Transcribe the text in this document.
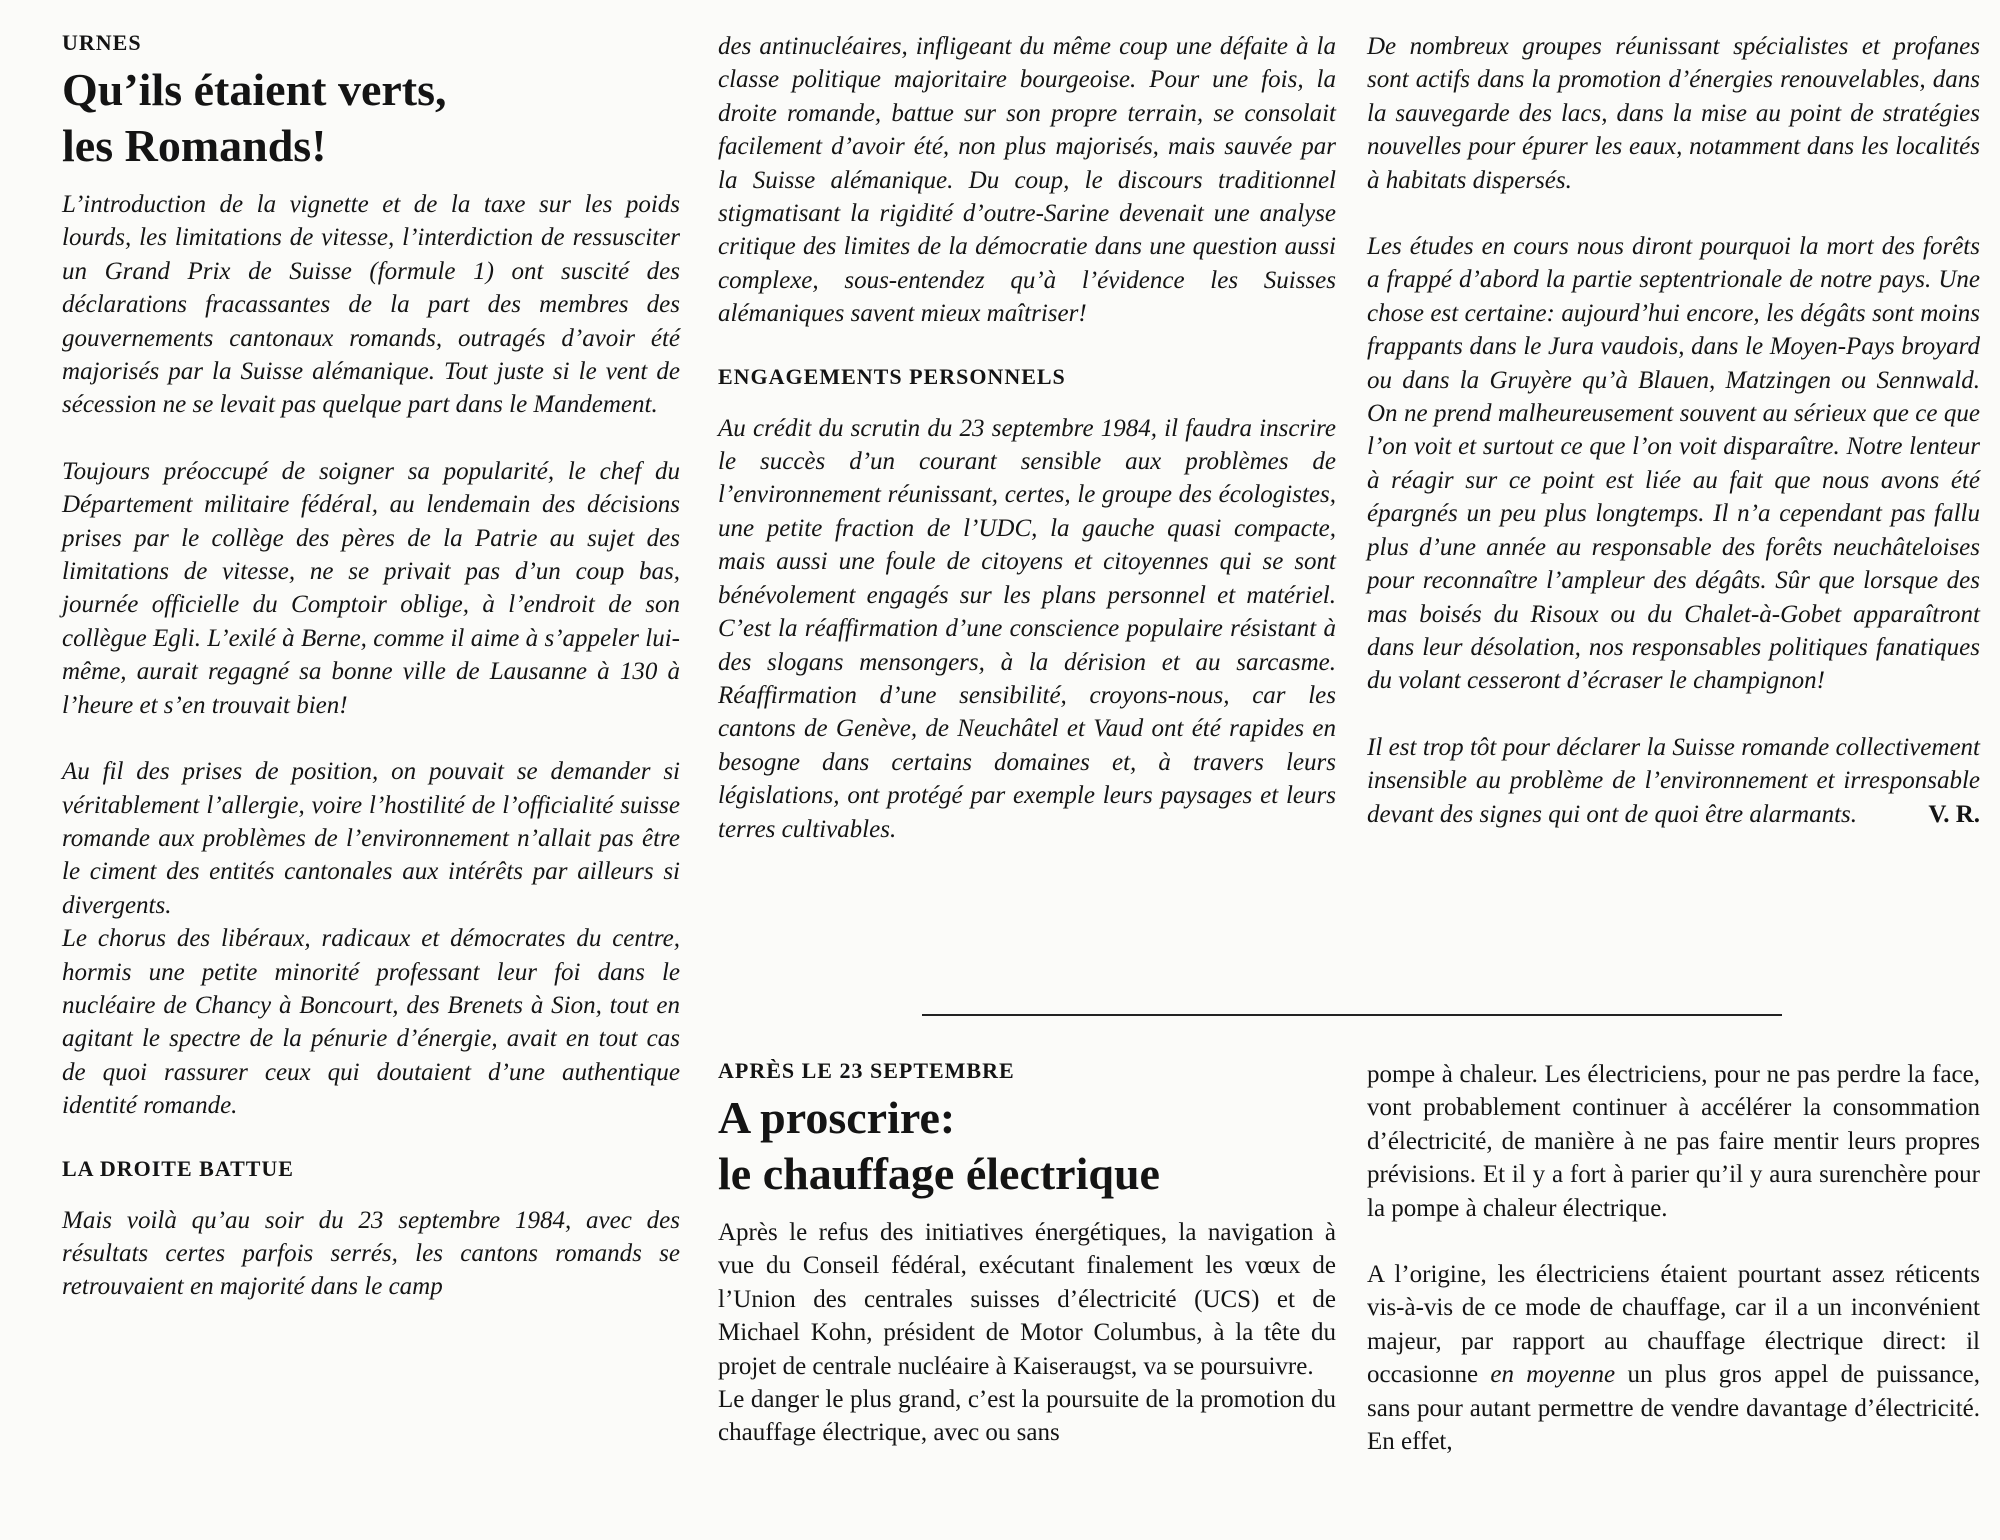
URNES
Qu’ils étaient verts,
les Romands!

L’introduction de la vignette et de la taxe sur les poids lourds, les limitations de vitesse, l’interdiction de ressusciter un Grand Prix de Suisse (formule 1) ont suscité des déclarations fracassantes de la part des membres des gouvernements cantonaux romands, outragés d’avoir été majorisés par la Suisse alémanique. Tout juste si le vent de sécession ne se levait pas quelque part dans le Mandement.

Toujours préoccupé de soigner sa popularité, le chef du Département militaire fédéral, au lendemain des décisions prises par le collège des pères de la Patrie au sujet des limitations de vitesse, ne se privait pas d’un coup bas, journée officielle du Comptoir oblige, à l’endroit de son collègue Egli. L’exilé à Berne, comme il aime à s’appeler lui-même, aurait regagné sa bonne ville de Lausanne à 130 à l’heure et s’en trouvait bien!

Au fil des prises de position, on pouvait se demander si véritablement l’allergie, voire l’hostilité de l’officialité suisse romande aux problèmes de l’environnement n’allait pas être le ciment des entités cantonales aux intérêts par ailleurs si divergents.

Le chorus des libéraux, radicaux et démocrates du centre, hormis une petite minorité professant leur foi dans le nucléaire de Chancy à Boncourt, des Brenets à Sion, tout en agitant le spectre de la pénurie d’énergie, avait en tout cas de quoi rassurer ceux qui doutaient d’une authentique identité romande.

LA DROITE BATTUE

Mais voilà qu’au soir du 23 septembre 1984, avec des résultats certes parfois serrés, les cantons romands se retrouvaient en majorité dans le camp

des antinucléaires, infligeant du même coup une défaite à la classe politique majoritaire bourgeoise. Pour une fois, la droite romande, battue sur son propre terrain, se consolait facilement d’avoir été, non plus majorisés, mais sauvée par la Suisse alémanique. Du coup, le discours traditionnel stigmatisant la rigidité d’outre-Sarine devenait une analyse critique des limites de la démocratie dans une question aussi complexe, sous-entendez qu’à l’évidence les Suisses alémaniques savent mieux maîtriser!

ENGAGEMENTS PERSONNELS

Au crédit du scrutin du 23 septembre 1984, il faudra inscrire le succès d’un courant sensible aux problèmes de l’environnement réunissant, certes, le groupe des écologistes, une petite fraction de l’UDC, la gauche quasi compacte, mais aussi une foule de citoyens et citoyennes qui se sont bénévolement engagés sur les plans personnel et matériel. C’est la réaffirmation d’une conscience populaire résistant à des slogans mensongers, à la dérision et au sarcasme. Réaffirmation d’une sensibilité, croyons-nous, car les cantons de Genève, de Neuchâtel et Vaud ont été rapides en besogne dans certains domaines et, à travers leurs législations, ont protégé par exemple leurs paysages et leurs terres cultivables.

De nombreux groupes réunissant spécialistes et profanes sont actifs dans la promotion d’énergies renouvelables, dans la sauvegarde des lacs, dans la mise au point de stratégies nouvelles pour épurer les eaux, notamment dans les localités à habitats dispersés.

Les études en cours nous diront pourquoi la mort des forêts a frappé d’abord la partie septentrionale de notre pays. Une chose est certaine: aujourd’hui encore, les dégâts sont moins frappants dans le Jura vaudois, dans le Moyen-Pays broyard ou dans la Gruyère qu’à Blauen, Matzingen ou Sennwald. On ne prend malheureusement souvent au sérieux que ce que l’on voit et surtout ce que l’on voit disparaître. Notre lenteur à réagir sur ce point est liée au fait que nous avons été épargnés un peu plus longtemps. Il n’a cependant pas fallu plus d’une année au responsable des forêts neuchâteloises pour reconnaître l’ampleur des dégâts. Sûr que lorsque des mas boisés du Risoux ou du Chalet-à-Gobet apparaîtront dans leur désolation, nos responsables politiques fanatiques du volant cesseront d’écraser le champignon!

Il est trop tôt pour déclarer la Suisse romande collectivement insensible au problème de l’environnement et irresponsable devant des signes qui ont de quoi être alarmants.	V. R.

APRÈS LE 23 SEPTEMBRE
A proscrire:
le chauffage électrique

Après le refus des initiatives énergétiques, la navigation à vue du Conseil fédéral, exécutant finalement les vœux de l’Union des centrales suisses d’électricité (UCS) et de Michael Kohn, président de Motor Columbus, à la tête du projet de centrale nucléaire à Kaiseraugst, va se poursuivre.

Le danger le plus grand, c’est la poursuite de la promotion du chauffage électrique, avec ou sans

pompe à chaleur. Les électriciens, pour ne pas perdre la face, vont probablement continuer à accélérer la consommation d’électricité, de manière à ne pas faire mentir leurs propres prévisions. Et il y a fort à parier qu’il y aura surenchère pour la pompe à chaleur électrique.

A l’origine, les électriciens étaient pourtant assez réticents vis-à-vis de ce mode de chauffage, car il a un inconvénient majeur, par rapport au chauffage électrique direct: il occasionne en moyenne un plus gros appel de puissance, sans pour autant permettre de vendre davantage d’électricité. En effet,
